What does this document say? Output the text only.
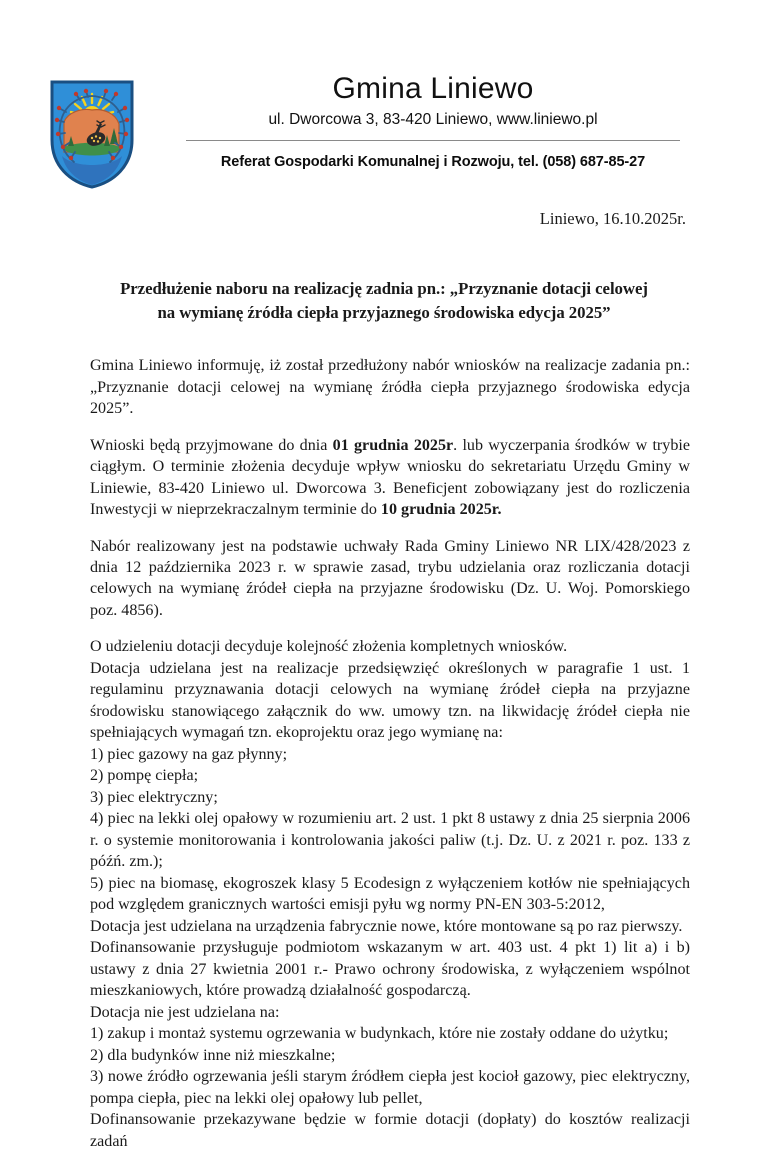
Gmina Liniewo

ul. Dworcowa 3, 83-420 Liniewo, www.liniewo.pl

Referat Gospodarki Komunalnej i Rozwoju, tel. (058) 687-85-27

Liniewo, 16.10.2025r.
Przedłużenie naboru na realizację zadnia pn.: „Przyznanie dotacji celowej
na wymianę źródła ciepła przyjaznego środowiska edycja 2025”

Gmina Liniewo informuję, iż został przedłużony nabór wniosków na realizacje zadania pn.: „Przyznanie dotacji celowej na wymianę źródła ciepła przyjaznego środowiska edycja 2025”.

Wnioski będą przyjmowane do dnia 01 grudnia 2025r. lub wyczerpania środków w trybie ciągłym. O terminie złożenia decyduje wpływ wniosku do sekretariatu Urzędu Gminy w Liniewie, 83-420 Liniewo ul. Dworcowa 3. Beneficjent zobowiązany jest do rozliczenia Inwestycji w nieprzekraczalnym terminie do 10 grudnia 2025r.

Nabór realizowany jest na podstawie uchwały Rada Gminy Liniewo NR LIX/428/2023 z dnia 12 października 2023 r. w sprawie zasad, trybu udzielania oraz rozliczania dotacji celowych na wymianę źródeł ciepła na przyjazne środowisku (Dz. U. Woj. Pomorskiego poz. 4856).

O udzieleniu dotacji decyduje kolejność złożenia kompletnych wniosków.

Dotacja udzielana jest na realizacje przedsięwzięć określonych w paragrafie 1 ust. 1 regulaminu przyznawania dotacji celowych na wymianę źródeł ciepła na przyjazne środowisku stanowiącego załącznik do ww. umowy tzn. na likwidację źródeł ciepła nie spełniających wymagań tzn. ekoprojektu oraz jego wymianę na:

1) piec gazowy na gaz płynny;

2) pompę ciepła;

3) piec elektryczny;

4) piec na lekki olej opałowy w rozumieniu art. 2 ust. 1 pkt 8 ustawy z dnia 25 sierpnia 2006 r. o systemie monitorowania i kontrolowania jakości paliw (t.j. Dz. U. z 2021 r. poz. 133 z późń. zm.);

5) piec na biomasę, ekogroszek klasy 5 Ecodesign z wyłączeniem kotłów nie spełniających pod względem granicznych wartości emisji pyłu wg normy PN-EN 303-5:2012,

Dotacja jest udzielana na urządzenia fabrycznie nowe, które montowane są po raz pierwszy.

Dofinansowanie przysługuje podmiotom wskazanym w art. 403 ust. 4 pkt 1) lit a) i b) ustawy z dnia 27 kwietnia 2001 r.- Prawo ochrony środowiska, z wyłączeniem wspólnot mieszkaniowych, które prowadzą działalność gospodarczą.

Dotacja nie jest udzielana na:

1) zakup i montaż systemu ogrzewania w budynkach, które nie zostały oddane do użytku;

2) dla budynków inne niż mieszkalne;

3) nowe źródło ogrzewania jeśli starym źródłem ciepła jest kocioł gazowy, piec elektryczny, pompa ciepła, piec na lekki olej opałowy lub pellet,

Dofinansowanie przekazywane będzie w formie dotacji (dopłaty) do kosztów realizacji zadań
